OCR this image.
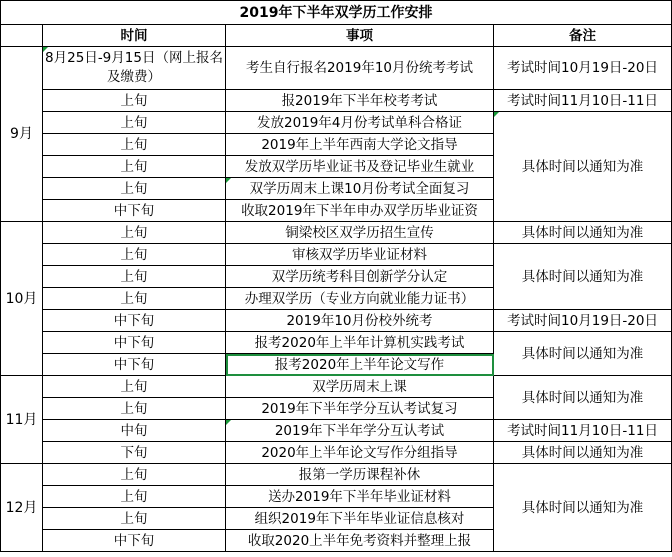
2019年下半年双学历工作安排			
	时间	事项	备注
9月	8月25日-9月15日（网上报名及缴费）	考生自行报名2019年10月份统考考试	考试时间10月19日-20日
	上旬	报2019年下半年校考考试	考试时间11月10日-11日
	上旬	发放2019年4月份考试单科合格证	具体时间以通知为准
	上旬	2019年上半年西南大学论文指导	
	上旬	发放双学历毕业证书及登记毕业生就业	
	上旬	双学历周末上课10月份考试全面复习	
	中下旬	收取2019年下半年申办双学历毕业证资	
10月	上旬	铜梁校区双学历招生宣传	具体时间以通知为准
	上旬	审核双学历毕业证材料	具体时间以通知为准
	上旬	双学历统考科目创新学分认定	
	上旬	办理双学历（专业方向就业能力证书）	
	中下旬	2019年10月份校外统考	考试时间10月19日-20日
	中下旬	报考2020年上半年计算机实践考试	具体时间以通知为准
	中下旬	报考2020年上半年论文写作	
11月	上旬	双学历周末上课	具体时间以通知为准
	上旬	2019年下半年学分互认考试复习	
	中旬	2019年下半年学分互认考试	考试时间11月10日-11日
	下旬	2020年上半年论文写作分组指导	具体时间以通知为准
12月	上旬	报第一学历课程补休	具体时间以通知为准
	上旬	送办2019年下半年毕业证材料	
	上旬	组织2019年下半年毕业证信息核对	
	中下旬	收取2020上半年免考资料并整理上报	
